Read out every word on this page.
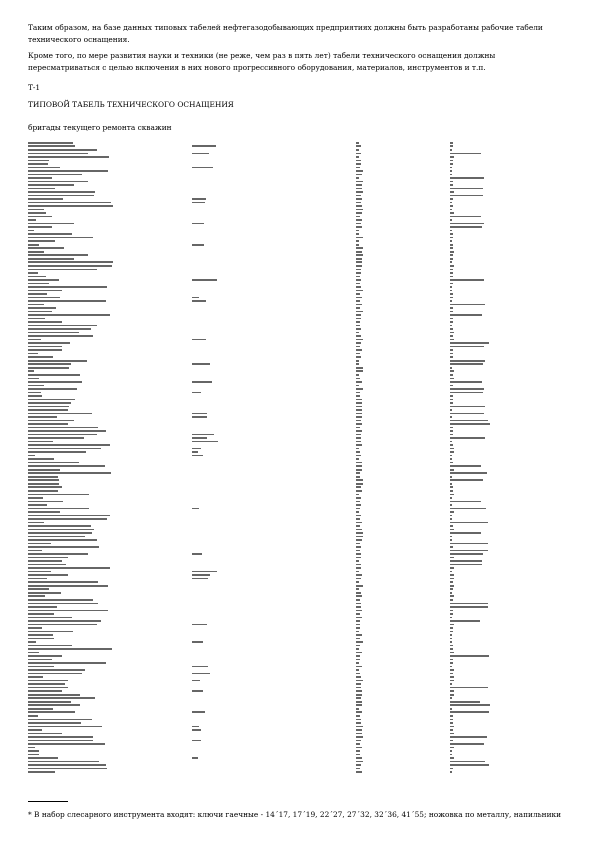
Таким образом, на базе данных типовых табелей нефтегазодобывающих предприятиях должны быть разработаны рабочие табели технического оснащения.

Кроме того, по мере развития науки и техники (не реже, чем раз в пять лет) табели технического оснащения должны пересматриваться с целью включения в них нового прогрессивного оборудования, материалов, инструментов и т.п.

Т-1

ТИПОВОЙ ТАБЕЛЬ ТЕХНИЧЕСКОГО ОСНАЩЕНИЯ

бригады текущего ремонта скважин

* В набор слесарного инструмента входят: ключи гаечные - 14´17, 17´19, 22´27, 27´32, 32´36, 41´55; ножовка по металлу, напильники
